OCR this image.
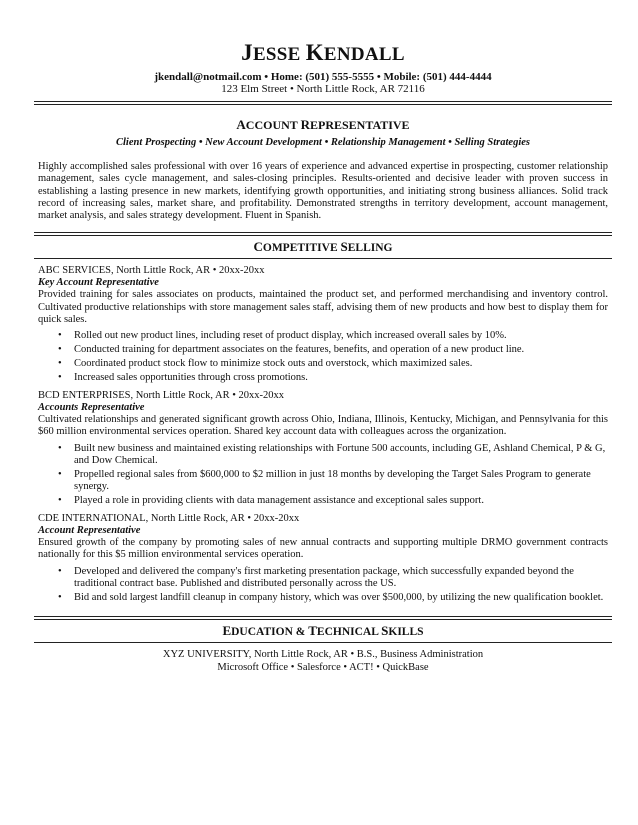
JESSE KENDALL
jkendall@notmail.com • Home: (501) 555-5555 • Mobile: (501) 444-4444
123 Elm Street • North Little Rock, AR 72116
ACCOUNT REPRESENTATIVE
Client Prospecting • New Account Development • Relationship Management • Selling Strategies
Highly accomplished sales professional with over 16 years of experience and advanced expertise in prospecting, customer relationship management, sales cycle management, and sales-closing principles. Results-oriented and decisive leader with proven success in establishing a lasting presence in new markets, identifying growth opportunities, and initiating strong business alliances. Solid track record of increasing sales, market share, and profitability. Demonstrated strengths in territory development, account management, market analysis, and sales strategy development. Fluent in Spanish.
COMPETITIVE SELLING
ABC SERVICES, North Little Rock, AR • 20xx-20xx
Key Account Representative
Provided training for sales associates on products, maintained the product set, and performed merchandising and inventory control. Cultivated productive relationships with store management sales staff, advising them of new products and how best to display them for quick sales.
• Rolled out new product lines, including reset of product display, which increased overall sales by 10%.
• Conducted training for department associates on the features, benefits, and operation of a new product line.
• Coordinated product stock flow to minimize stock outs and overstock, which maximized sales.
• Increased sales opportunities through cross promotions.
BCD ENTERPRISES, North Little Rock, AR • 20xx-20xx
Accounts Representative
Cultivated relationships and generated significant growth across Ohio, Indiana, Illinois, Kentucky, Michigan, and Pennsylvania for this $60 million environmental services operation. Shared key account data with colleagues across the organization.
• Built new business and maintained existing relationships with Fortune 500 accounts, including GE, Ashland Chemical, P & G, and Dow Chemical.
• Propelled regional sales from $600,000 to $2 million in just 18 months by developing the Target Sales Program to generate synergy.
• Played a role in providing clients with data management assistance and exceptional sales support.
CDE INTERNATIONAL, North Little Rock, AR • 20xx-20xx
Account Representative
Ensured growth of the company by promoting sales of new annual contracts and supporting multiple DRMO government contracts nationally for this $5 million environmental services operation.
• Developed and delivered the company's first marketing presentation package, which successfully expanded beyond the traditional contract base. Published and distributed personally across the US.
• Bid and sold largest landfill cleanup in company history, which was over $500,000, by utilizing the new qualification booklet.
EDUCATION & TECHNICAL SKILLS
XYZ UNIVERSITY, North Little Rock, AR • B.S., Business Administration
Microsoft Office • Salesforce • ACT! • QuickBase
